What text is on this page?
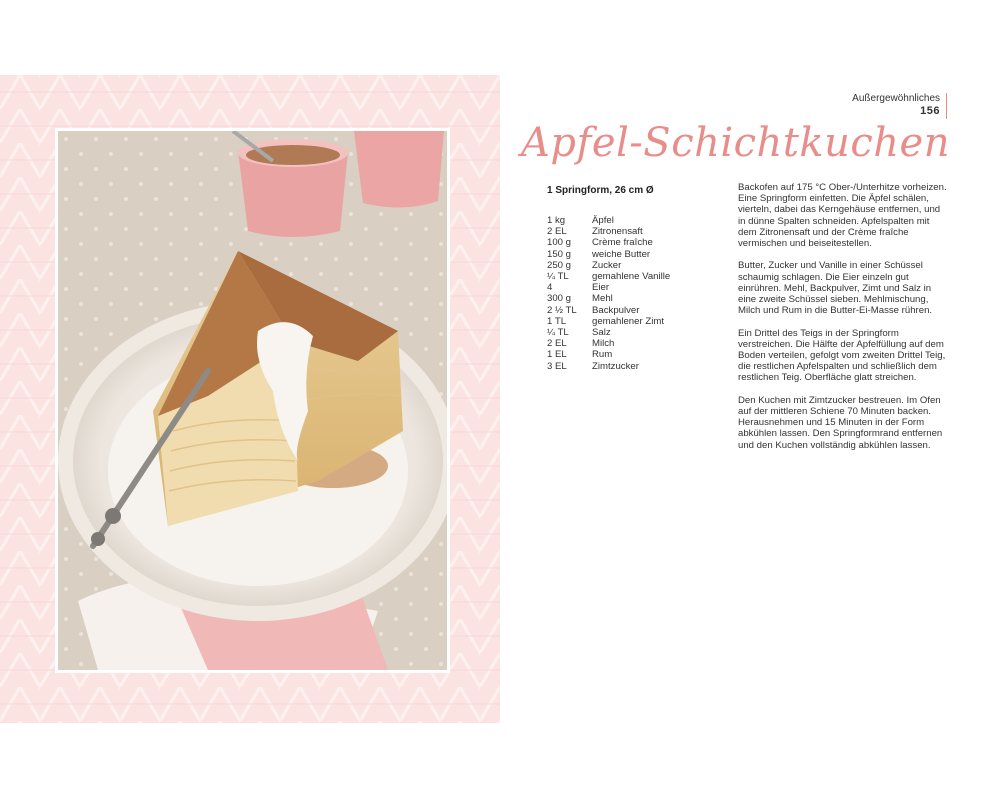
Außergewöhnliches
156
Apfel-Schichtkuchen
1 Springform, 26 cm Ø
1 kg	Äpfel
2 EL	Zitronensaft
100 g	Crème fraîche
150 g	weiche Butter
250 g	Zucker
¼ TL	gemahlene Vanille
4	Eier
300 g	Mehl
2 ½ TL	Backpulver
1 TL	gemahlener Zimt
¼ TL	Salz
2 EL	Milch
1 EL	Rum
3 EL	Zimtzucker

Backofen auf 175 °C Ober-/Unterhitze vorheizen. Eine Springform einfetten. Die Äpfel schälen, vierteln, dabei das Kerngehäuse entfernen, und in dünne Spalten schneiden. Apfelspalten mit dem Zitronensaft und der Crème fraîche vermischen und beiseitestellen.

Butter, Zucker und Vanille in einer Schüssel schaumig schlagen. Die Eier einzeln gut einrühren. Mehl, Backpulver, Zimt und Salz in eine zweite Schüssel sieben. Mehlmischung, Milch und Rum in die Butter-Ei-Masse rühren.

Ein Drittel des Teigs in der Springform verstreichen. Die Hälfte der Apfelfüllung auf dem Boden verteilen, gefolgt vom zweiten Drittel Teig, die restlichen Apfelspalten und schließlich dem restlichen Teig. Oberfläche glatt streichen.

Den Kuchen mit Zimtzucker bestreuen. Im Ofen auf der mittleren Schiene 70 Minuten backen. Herausnehmen und 15 Minuten in der Form abkühlen lassen. Den Springformrand entfernen und den Kuchen vollständig abkühlen lassen.
